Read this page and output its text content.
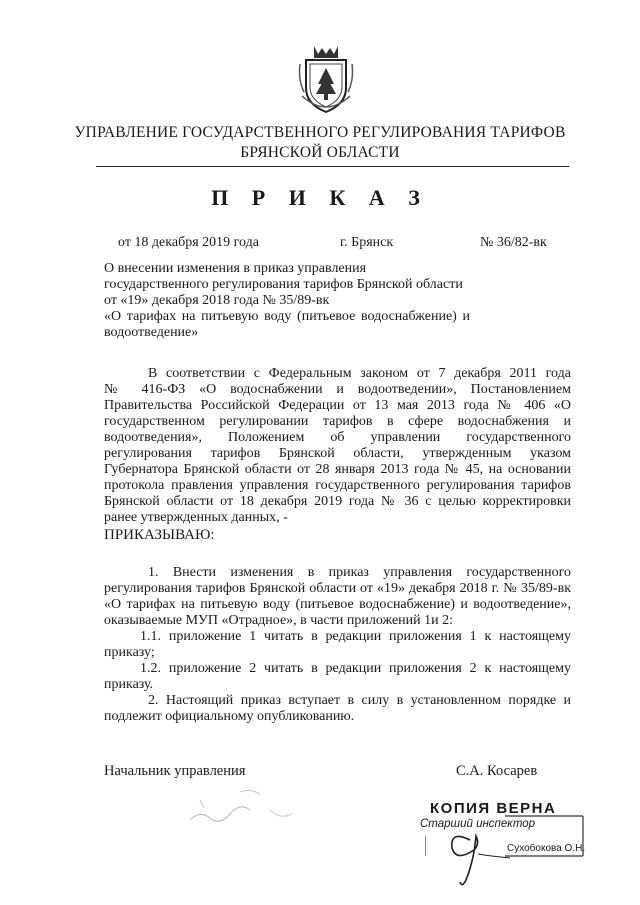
УПРАВЛЕНИЕ ГОСУДАРСТВЕННОГО РЕГУЛИРОВАНИЯ ТАРИФОВ
БРЯНСКОЙ ОБЛАСТИ
П Р И К А З
от 18 декабря 2019 года	г. Брянск	№ 36/82-вк
О внесении изменения в приказ управления
государственного регулирования тарифов Брянской области
от «19» декабря 2018 года № 35/89-вк
«О тарифах на питьевую воду (питьевое водоснабжение) и
водоотведение»
В соответствии с Федеральным законом от 7 декабря 2011 года
№ 416-ФЗ «О водоснабжении и водоотведении», Постановлением
Правительства Российской Федерации от 13 мая 2013 года № 406 «О
государственном регулировании тарифов в сфере водоснабжения и
водоотведения», Положением об управлении государственного
регулирования тарифов Брянской области, утвержденным указом
Губернатора Брянской области от 28 января 2013 года № 45, на основании
протокола правления управления государственного регулирования тарифов
Брянской области от 18 декабря 2019 года № 36 с целью корректировки
ранее утвержденных данных, -
ПРИКАЗЫВАЮ:
1. Внести изменения в приказ управления государственного
регулирования тарифов Брянской области от «19» декабря 2018 г. № 35/89-вк
«О тарифах на питьевую воду (питьевое водоснабжение) и водоотведение»,
оказываемые МУП «Отрадное», в части приложений 1и 2:
1.1. приложение 1 читать в редакции приложения 1 к настоящему
приказу;
1.2. приложение 2 читать в редакции приложения 2 к настоящему
приказу.
2. Настоящий приказ вступает в силу в установленном порядке и
подлежит официальному опубликованию.
Начальник управления	С.А. Косарев
КОПИЯ ВЕРНА
Старший инспектор
Сухобокова О.Н.
